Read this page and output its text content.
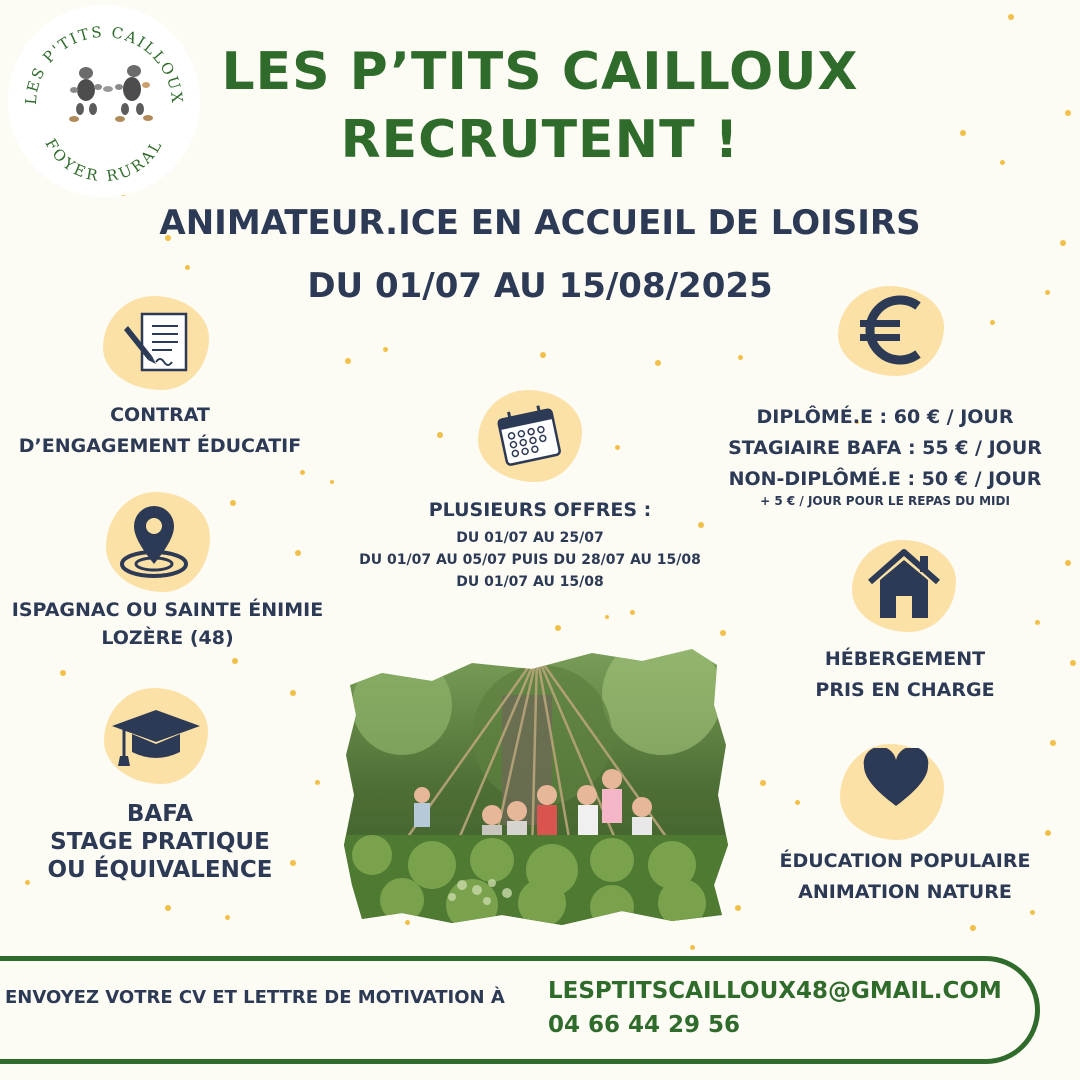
LES P'TITS CAILLOUX
FOYER RURAL
LES P’TITS CAILLOUX
RECRUTENT !
ANIMATEUR.ICE EN ACCUEIL DE LOISIRS
DU 01/07 AU 15/08/2025
CONTRAT
D’ENGAGEMENT ÉDUCATIF
ISPAGNAC OU SAINTE ÉNIMIE
LOZÈRE (48)
BAFA
STAGE PRATIQUE
OU ÉQUIVALENCE
PLUSIEURS OFFRES :
DU 01/07 AU 25/07
DU 01/07 AU 05/07 PUIS DU 28/07 AU 15/08
DU 01/07 AU 15/08
DIPLÔMÉ.E : 60 € / JOUR
STAGIAIRE BAFA : 55 € / JOUR
NON-DIPLÔMÉ.E : 50 € / JOUR
+ 5 € / JOUR POUR LE REPAS DU MIDI
HÉBERGEMENT
PRIS EN CHARGE
ÉDUCATION POPULAIRE
ANIMATION NATURE
ENVOYEZ VOTRE CV ET LETTRE DE MOTIVATION À	LESPTITSCAILLOUX48@GMAIL.COM
04 66 44 29 56
